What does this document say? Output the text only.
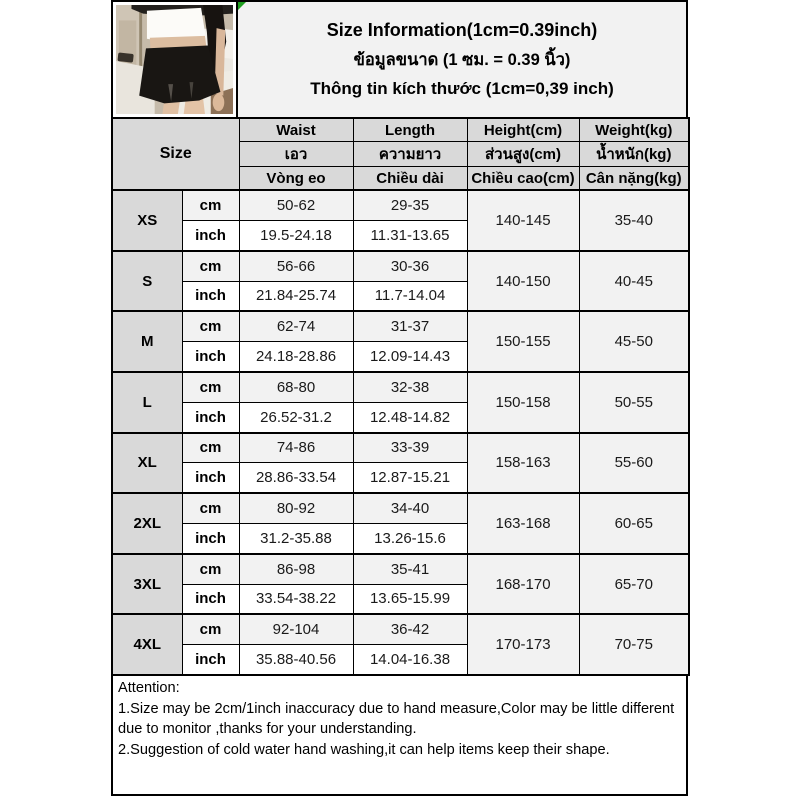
Size Information(1cm=0.39inch)
ข้อมูลขนาด (1 ซม. = 0.39 นิ้ว)
Thông tin kích thước (1cm=0,39 inch)
Size		Waist	Length	Height(cm)	Weight(kg)
		เอว	ความยาว	ส่วนสูง(cm)	น้ำหนัก(kg)
		Vòng eo	Chiều dài	Chiều cao(cm)	Cân nặng(kg)
XS	cm	50-62	29-35	140-145	35-40
	inch	19.5-24.18	11.31-13.65		
S	cm	56-66	30-36	140-150	40-45
	inch	21.84-25.74	11.7-14.04		
M	cm	62-74	31-37	150-155	45-50
	inch	24.18-28.86	12.09-14.43		
L	cm	68-80	32-38	150-158	50-55
	inch	26.52-31.2	12.48-14.82		
XL	cm	74-86	33-39	158-163	55-60
	inch	28.86-33.54	12.87-15.21		
2XL	cm	80-92	34-40	163-168	60-65
	inch	31.2-35.88	13.26-15.6		
3XL	cm	86-98	35-41	168-170	65-70
	inch	33.54-38.22	13.65-15.99		
4XL	cm	92-104	36-42	170-173	70-75
	inch	35.88-40.56	14.04-16.38		
Attention:
1.Size may be 2cm/1inch inaccuracy due to hand measure,Color may be little different due to monitor ,thanks for your understanding.
2.Suggestion of cold water hand washing,it can help items keep their shape.
